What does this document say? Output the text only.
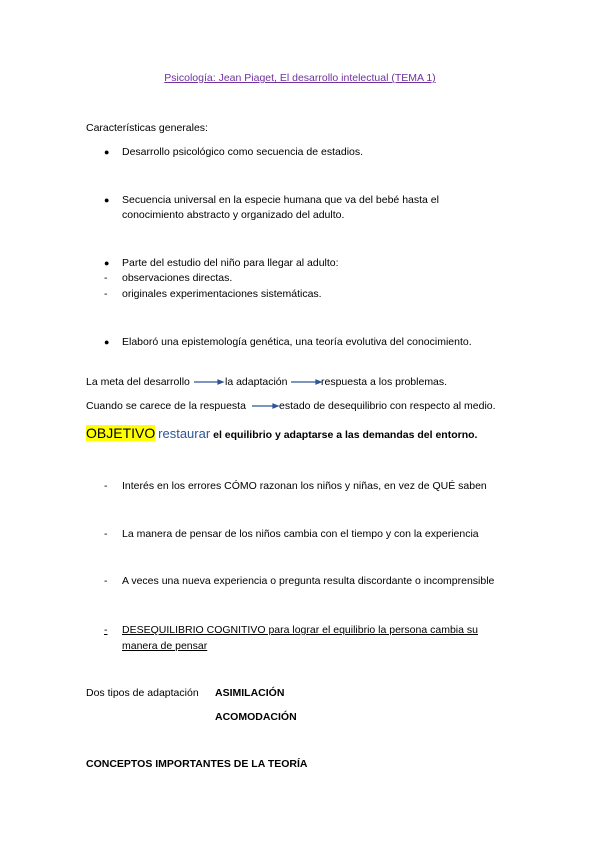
Psicología: Jean Piaget, El desarrollo intelectual (TEMA 1)
Características generales:
● Desarrollo psicológico como secuencia de estadios.
● Secuencia universal en la especie humana que va del bebé hasta el
conocimiento abstracto y organizado del adulto.
● Parte del estudio del niño para llegar al adulto:
- observaciones directas.
- originales experimentaciones sistemáticas.
● Elaboró una epistemología genética, una teoría evolutiva del conocimiento.
La meta del desarrollo	la adaptación	respuesta a los problemas.
Cuando se carece de la respuesta	estado de desequilibrio con respecto al medio.
OBJETIVO restaurar el equilibrio y adaptarse a las demandas del entorno.
- Interés en los errores CÓMO razonan los niños y niñas, en vez de QUÉ saben
- La manera de pensar de los niños cambia con el tiempo y con la experiencia
- A veces una nueva experiencia o pregunta resulta discordante o incomprensible
- DESEQUILIBRIO COGNITIVO para lograr el equilibrio la persona cambia su
manera de pensar
Dos tipos de adaptación ASIMILACIÓN
ACOMODACIÓN
CONCEPTOS IMPORTANTES DE LA TEORÍA
